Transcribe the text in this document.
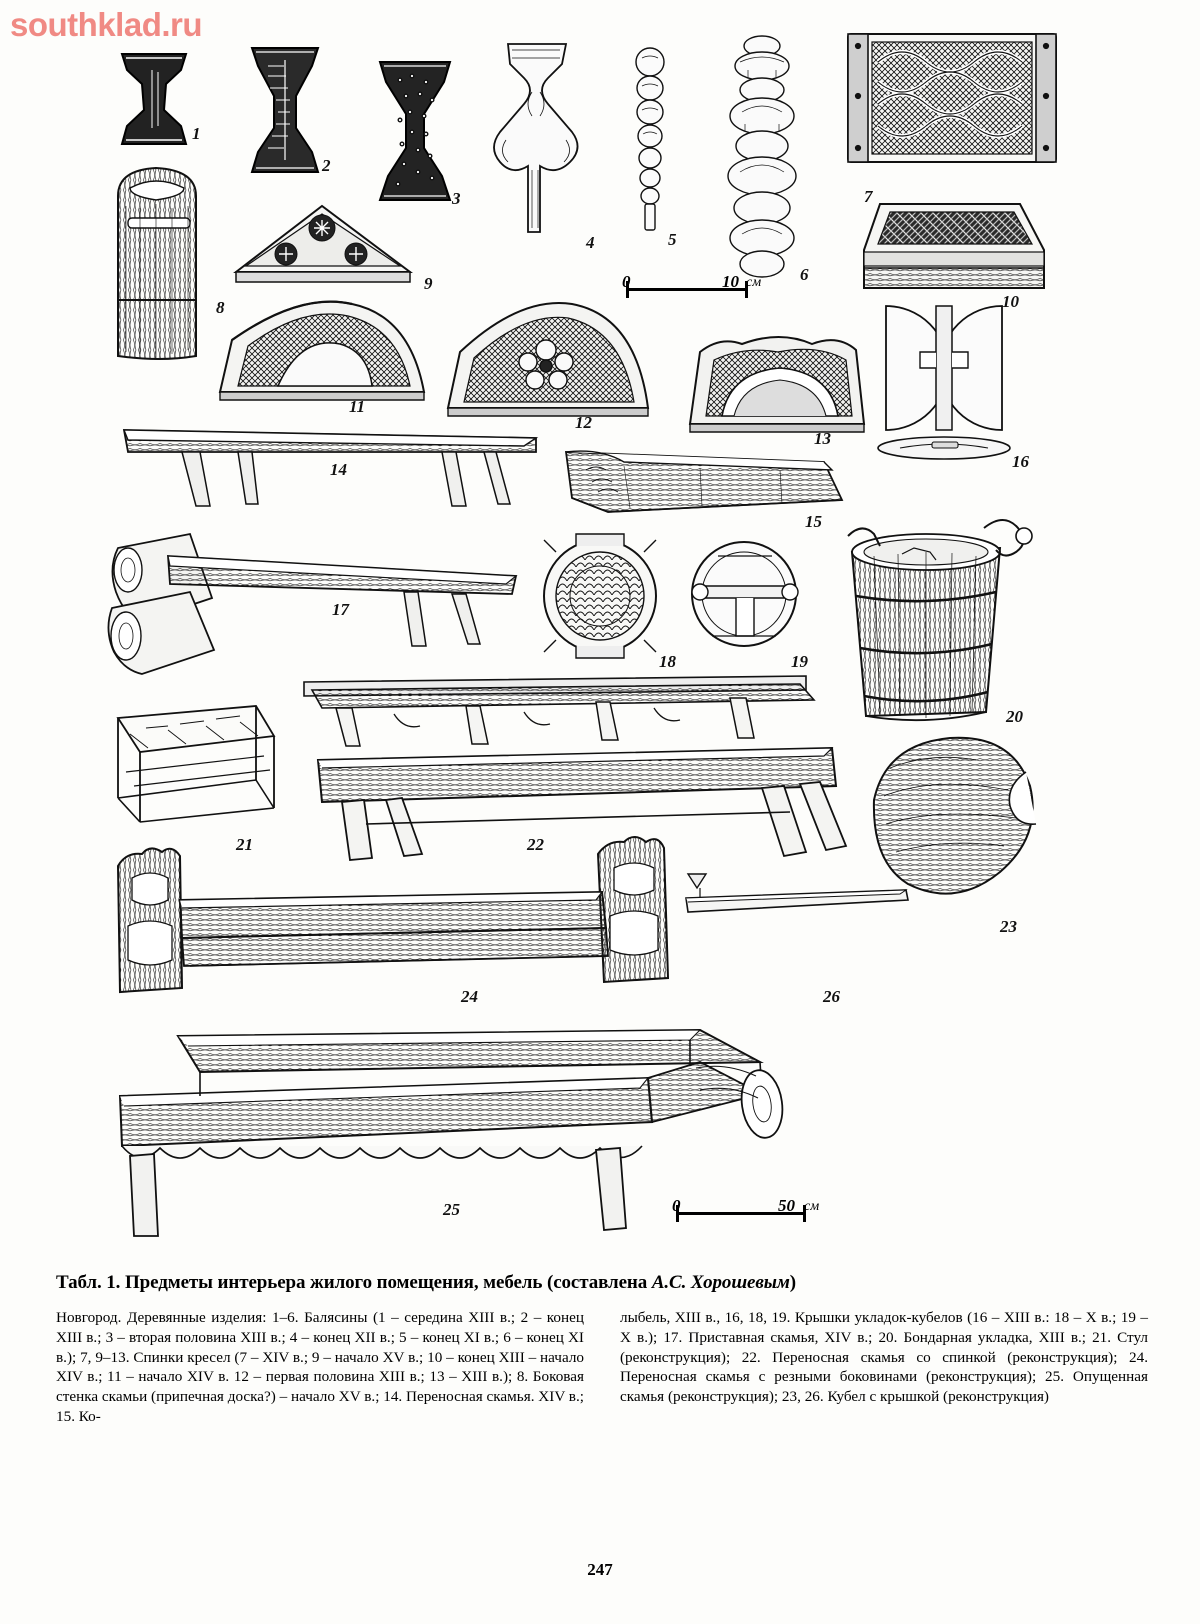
southklad.ru
1
2
3
4	5
6
7
8
9
10
11
12
13
14
15
16
17
18	19
20
21	22
23
24	26
25
0	10 см
0	50 см
Табл. 1. Предметы интерьера жилого помещения, мебель (составлена А.С. Хорошевым)
Новгород. Деревянные изделия: 1–6. Балясины (1 – середина XIII в.; 2 – конец XIII в.; 3 – вторая половина XIII в.; 4 – конец XII в.; 5 – конец XI в.; 6 – конец XI в.); 7, 9–13. Спинки кресел (7 – XIV в.; 9 – начало XV в.; 10 – конец XIII – начало XIV в.; 11 – начало XIV в. 12 – первая половина XIII в.; 13 – XIII в.); 8. Боковая стенка скамьи (припечная доска?) – начало XV в.; 14. Переносная скамья. XIV в.; 15. Ко-
лыбель, XIII в., 16, 18, 19. Крышки укладок-кубелов (16 – XIII в.: 18 – X в.; 19 – X в.); 17. Приставная скамья, XIV в.; 20. Бондарная укладка, XIII в.; 21. Стул (реконструкция); 22. Переносная скамья со спинкой (реконструкция); 24. Переносная скамья с резными боковинами (реконструкция); 25. Опущенная скамья (реконструкция); 23, 26. Кубел с крышкой (реконструкция)
247
